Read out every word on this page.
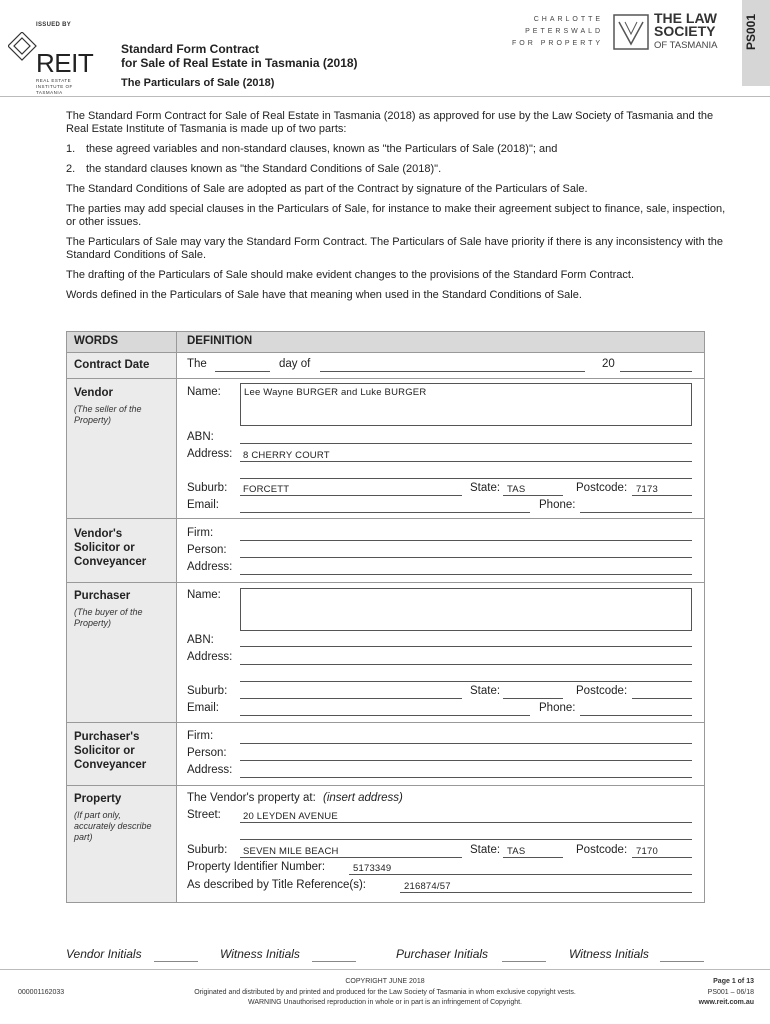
ISSUED BY
REIT
REAL ESTATE INSTITUTE OF TASMANIA
Standard Form Contract
for Sale of Real Estate in Tasmania (2018)
The Particulars of Sale (2018)
CHARLOTTE
PETERSWALD
FOR PROPERTY
THE LAW
SOCIETY
OF TASMANIA PS001

The Standard Form Contract for Sale of Real Estate in Tasmania (2018) as approved for use by the Law Society of Tasmania and the Real Estate Institute of Tasmania is made up of two parts:

1. these agreed variables and non-standard clauses, known as "the Particulars of Sale (2018)"; and
2. the standard clauses known as "the Standard Conditions of Sale (2018)".

The Standard Conditions of Sale are adopted as part of the Contract by signature of the Particulars of Sale.

The parties may add special clauses in the Particulars of Sale, for instance to make their agreement subject to finance, sale, inspection, or other issues.

The Particulars of Sale may vary the Standard Form Contract. The Particulars of Sale have priority if there is any inconsistency with the Standard Conditions of Sale.

The drafting of the Particulars of Sale should make evident changes to the provisions of the Standard Form Contract.

Words defined in the Particulars of Sale have that meaning when used in the Standard Conditions of Sale.

WORDS	DEFINITION
Contract Date	The	day of	20
Vendor
(The seller of the Property)
Name: Lee Wayne BURGER and Luke BURGER
ABN:
Address: 8 CHERRY COURT
Suburb: FORCETT	State: TAS	Postcode: 7173
Email:	Phone:
Vendor's
Solicitor or
Conveyancer
Firm:
Person:
Address:
Purchaser
(The buyer of the Property)
Name:
ABN:
Address:
Suburb:	State:	Postcode:
Email:	Phone:
Purchaser's
Solicitor or
Conveyancer
Firm:
Person:
Address:
Property
(If part only, accurately describe part)
The Vendor's property at: (insert address)
Street: 20 LEYDEN AVENUE
Suburb: SEVEN MILE BEACH	State: TAS	Postcode: 7170
Property Identifier Number:	5173349
As described by Title Reference(s):	216874/57
Vendor Initials	Witness Initials	Purchaser Initials	Witness Initials
000001162033
COPYRIGHT JUNE 2018
Originated and distributed by and printed and produced for the Law Society of Tasmania in whom exclusive copyright vests.
WARNING Unauthorised reproduction in whole or in part is an infringement of Copyright.
Page 1 of 13
PS001 – 06/18
www.reit.com.au
